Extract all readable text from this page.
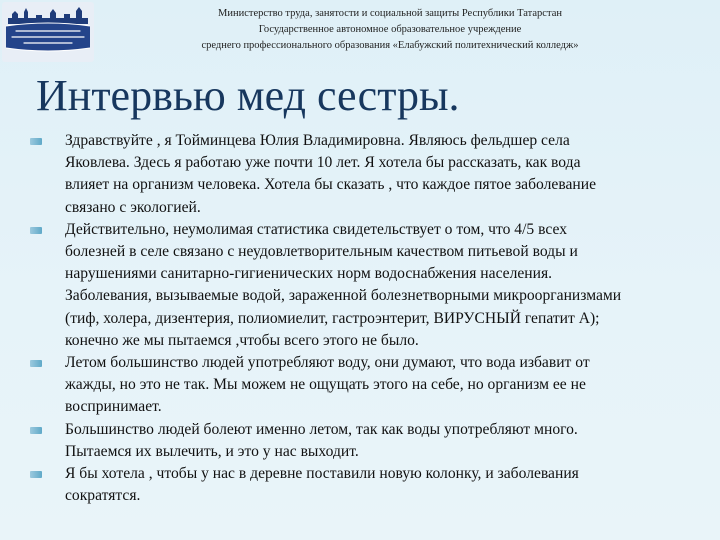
Министерство труда, занятости и социальной защиты Республики Татарстан
Государственное автономное образовательное учреждение
среднего профессионального образования «Елабужский политехнический колледж»
Интервью мед сестры.
Здравствуйте , я Тойминцева Юлия Владимировна. Являюсь фельдшер села
Яковлева. Здесь я работаю уже почти 10 лет. Я хотела бы рассказать, как вода
влияет на организм человека. Хотела бы сказать , что каждое пятое заболевание
связано с экологией.
Действительно, неумолимая статистика свидетельствует о том, что 4/5 всех
болезней в селе связано с неудовлетворительным качеством питьевой воды и
нарушениями санитарно-гигиенических норм водоснабжения населения.
Заболевания, вызываемые водой, зараженной болезнетворными микроорганизмами
(тиф, холера, дизентерия, полиомиелит, гастроэнтерит, ВИРУСНЫЙ гепатит А);
конечно же мы пытаемся ,чтобы всего этого не было.
Летом большинство людей употребляют воду, они думают, что вода избавит от
жажды, но это не так. Мы можем не ощущать этого на себе, но организм ее не
воспринимает.
Большинство людей болеют именно летом, так как воды употребляют много.
Пытаемся их вылечить, и это у нас выходит.
Я бы хотела , чтобы у нас в деревне поставили новую колонку, и заболевания
сократятся.
